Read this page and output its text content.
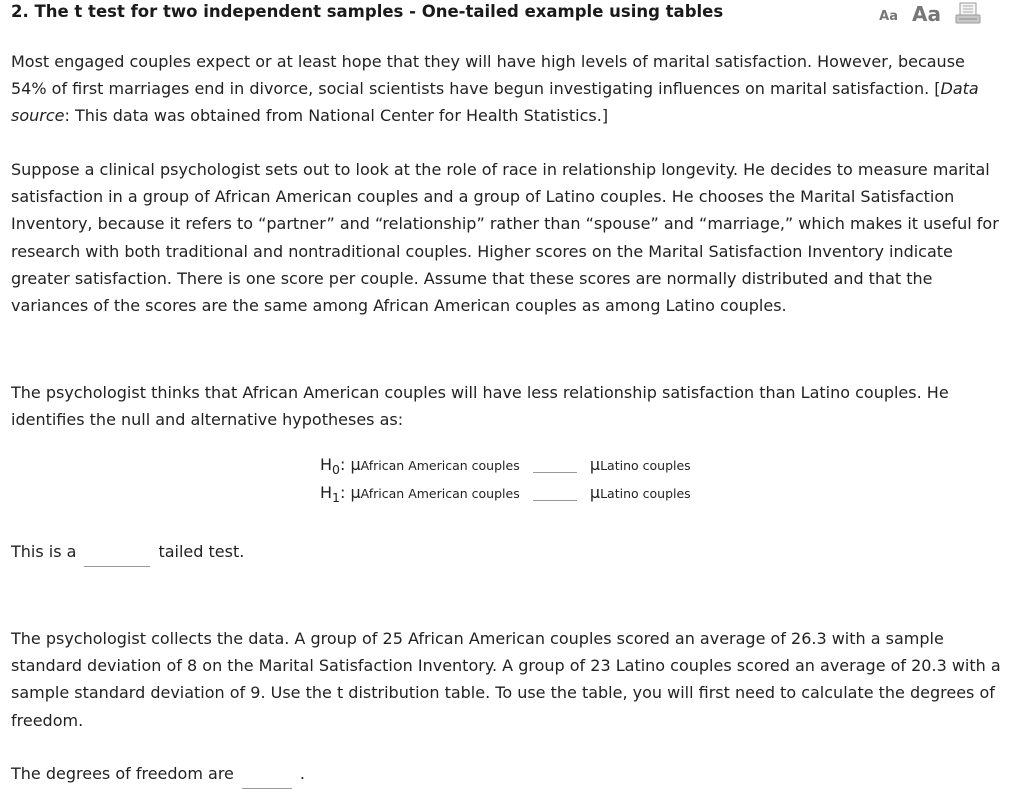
2. The t test for two independent samples - One-tailed example using tables	Aa Aa

Most engaged couples expect or at least hope that they will have high levels of marital satisfaction. However, because 54% of first marriages end in divorce, social scientists have begun investigating influences on marital satisfaction. [Data source: This data was obtained from National Center for Health Statistics.]

Suppose a clinical psychologist sets out to look at the role of race in relationship longevity. He decides to measure marital satisfaction in a group of African American couples and a group of Latino couples. He chooses the Marital Satisfaction Inventory, because it refers to “partner” and “relationship” rather than “spouse” and “marriage,” which makes it useful for research with both traditional and nontraditional couples. Higher scores on the Marital Satisfaction Inventory indicate greater satisfaction. There is one score per couple. Assume that these scores are normally distributed and that the variances of the scores are the same among African American couples as among Latino couples.

The psychologist thinks that African American couples will have less relationship satisfaction than Latino couples. He identifies the null and alternative hypotheses as:

$H_0$: μAfrican American couples	μLatino couples
$H_1$: μAfrican American couples	μLatino couples
This is a	tailed test.

The psychologist collects the data. A group of 25 African American couples scored an average of 26.3 with a sample standard deviation of 8 on the Marital Satisfaction Inventory. A group of 23 Latino couples scored an average of 20.3 with a sample standard deviation of 9. Use the t distribution table. To use the table, you will first need to calculate the degrees of freedom.

The degrees of freedom are	.
